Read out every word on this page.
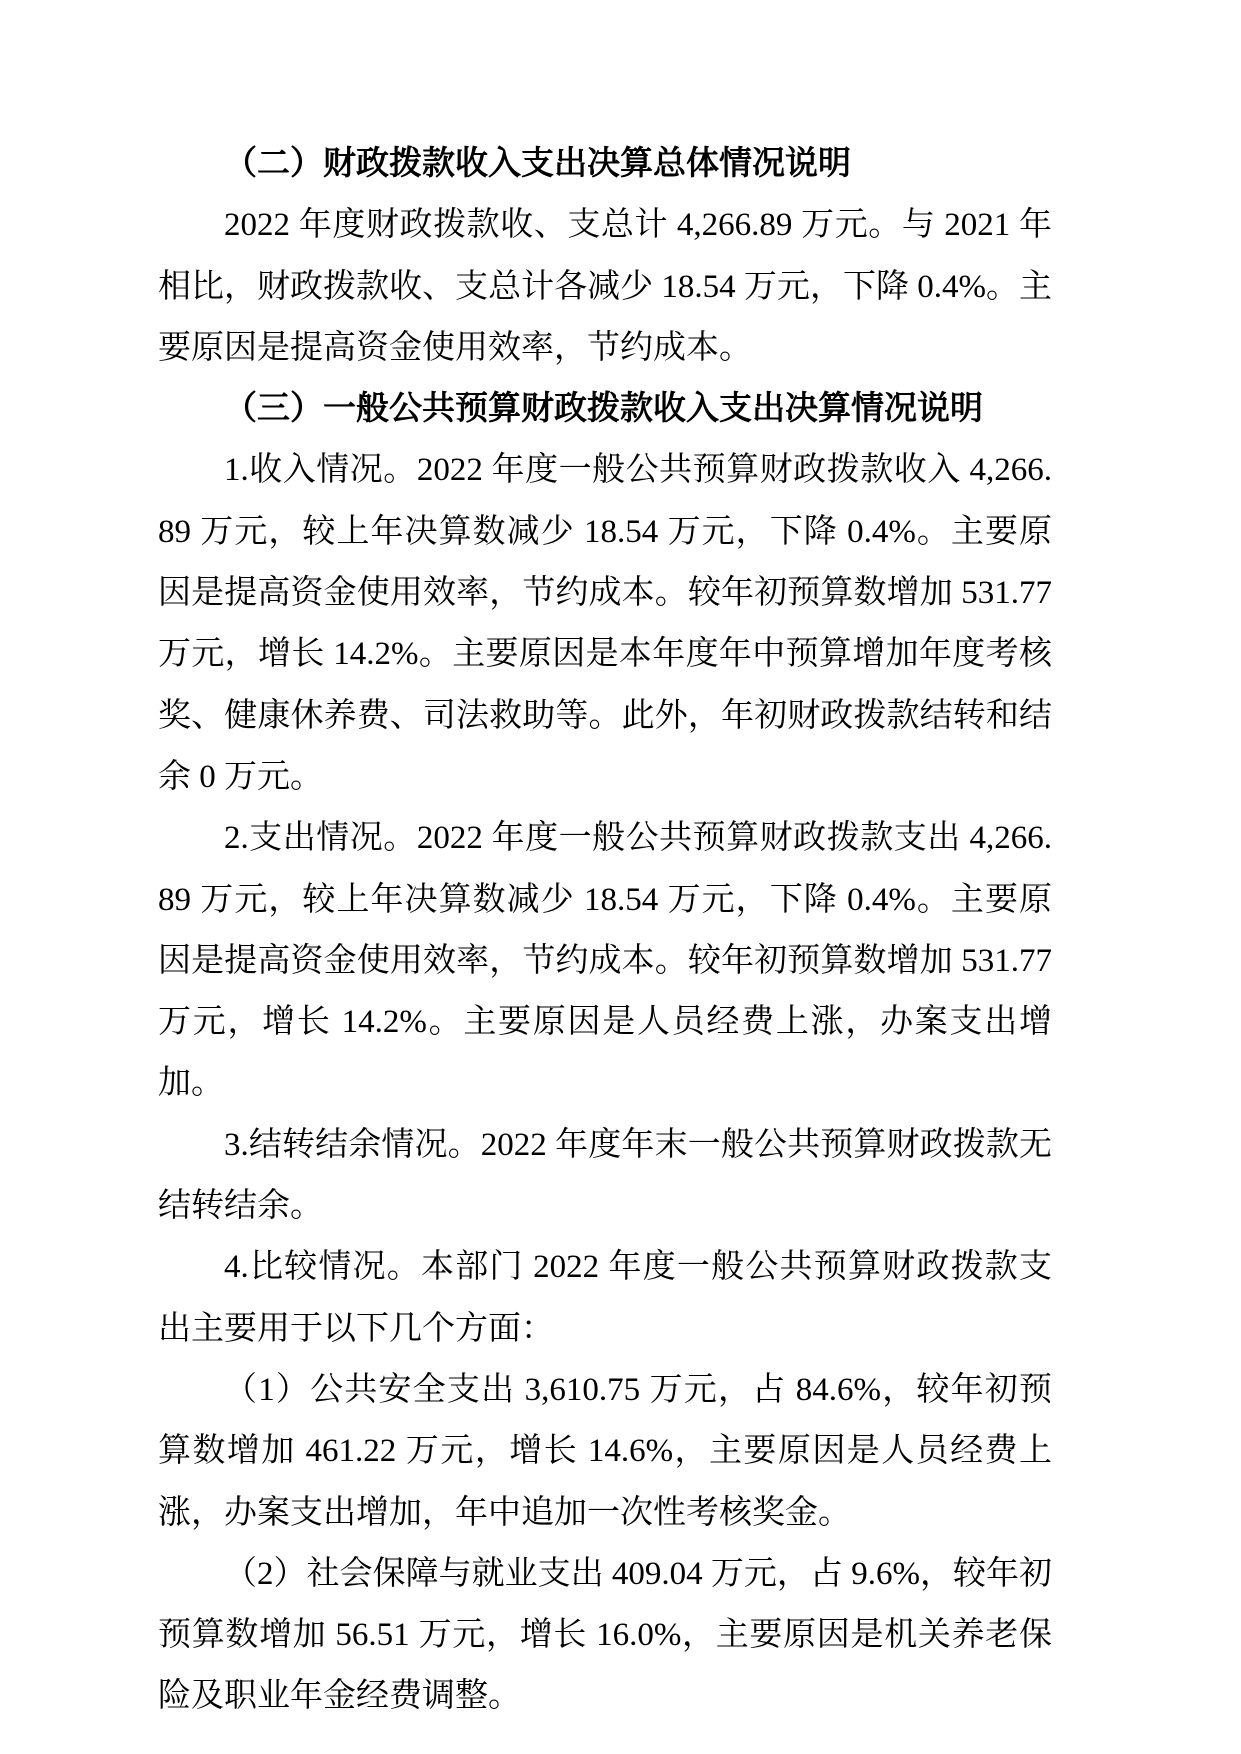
（二）财政拨款收入支出决算总体情况说明

2022 年度财政拨款收、支总计 4,266.89 万元。与 2021 年相比，财政拨款收、支总计各减少 18.54 万元，下降 0.4%。主要原因是提高资金使用效率，节约成本。

（三）一般公共预算财政拨款收入支出决算情况说明

1.收入情况。2022 年度一般公共预算财政拨款收入 4,266.89 万元，较上年决算数减少 18.54 万元，下降 0.4%。主要原因是提高资金使用效率，节约成本。较年初预算数增加 531.77 万元，增长 14.2%。主要原因是本年度年中预算增加年度考核奖、健康休养费、司法救助等。此外，年初财政拨款结转和结余 0 万元。

2.支出情况。2022 年度一般公共预算财政拨款支出 4,266.89 万元，较上年决算数减少 18.54 万元，下降 0.4%。主要原因是提高资金使用效率，节约成本。较年初预算数增加 531.77 万元，增长 14.2%。主要原因是人员经费上涨，办案支出增加。

3.结转结余情况。2022 年度年末一般公共预算财政拨款无结转结余。

4.比较情况。本部门 2022 年度一般公共预算财政拨款支出主要用于以下几个方面：

（1）公共安全支出 3,610.75 万元，占 84.6%，较年初预算数增加 461.22 万元，增长 14.6%，主要原因是人员经费上涨，办案支出增加，年中追加一次性考核奖金。

（2）社会保障与就业支出 409.04 万元，占 9.6%，较年初预算数增加 56.51 万元，增长 16.0%，主要原因是机关养老保险及职业年金经费调整。
